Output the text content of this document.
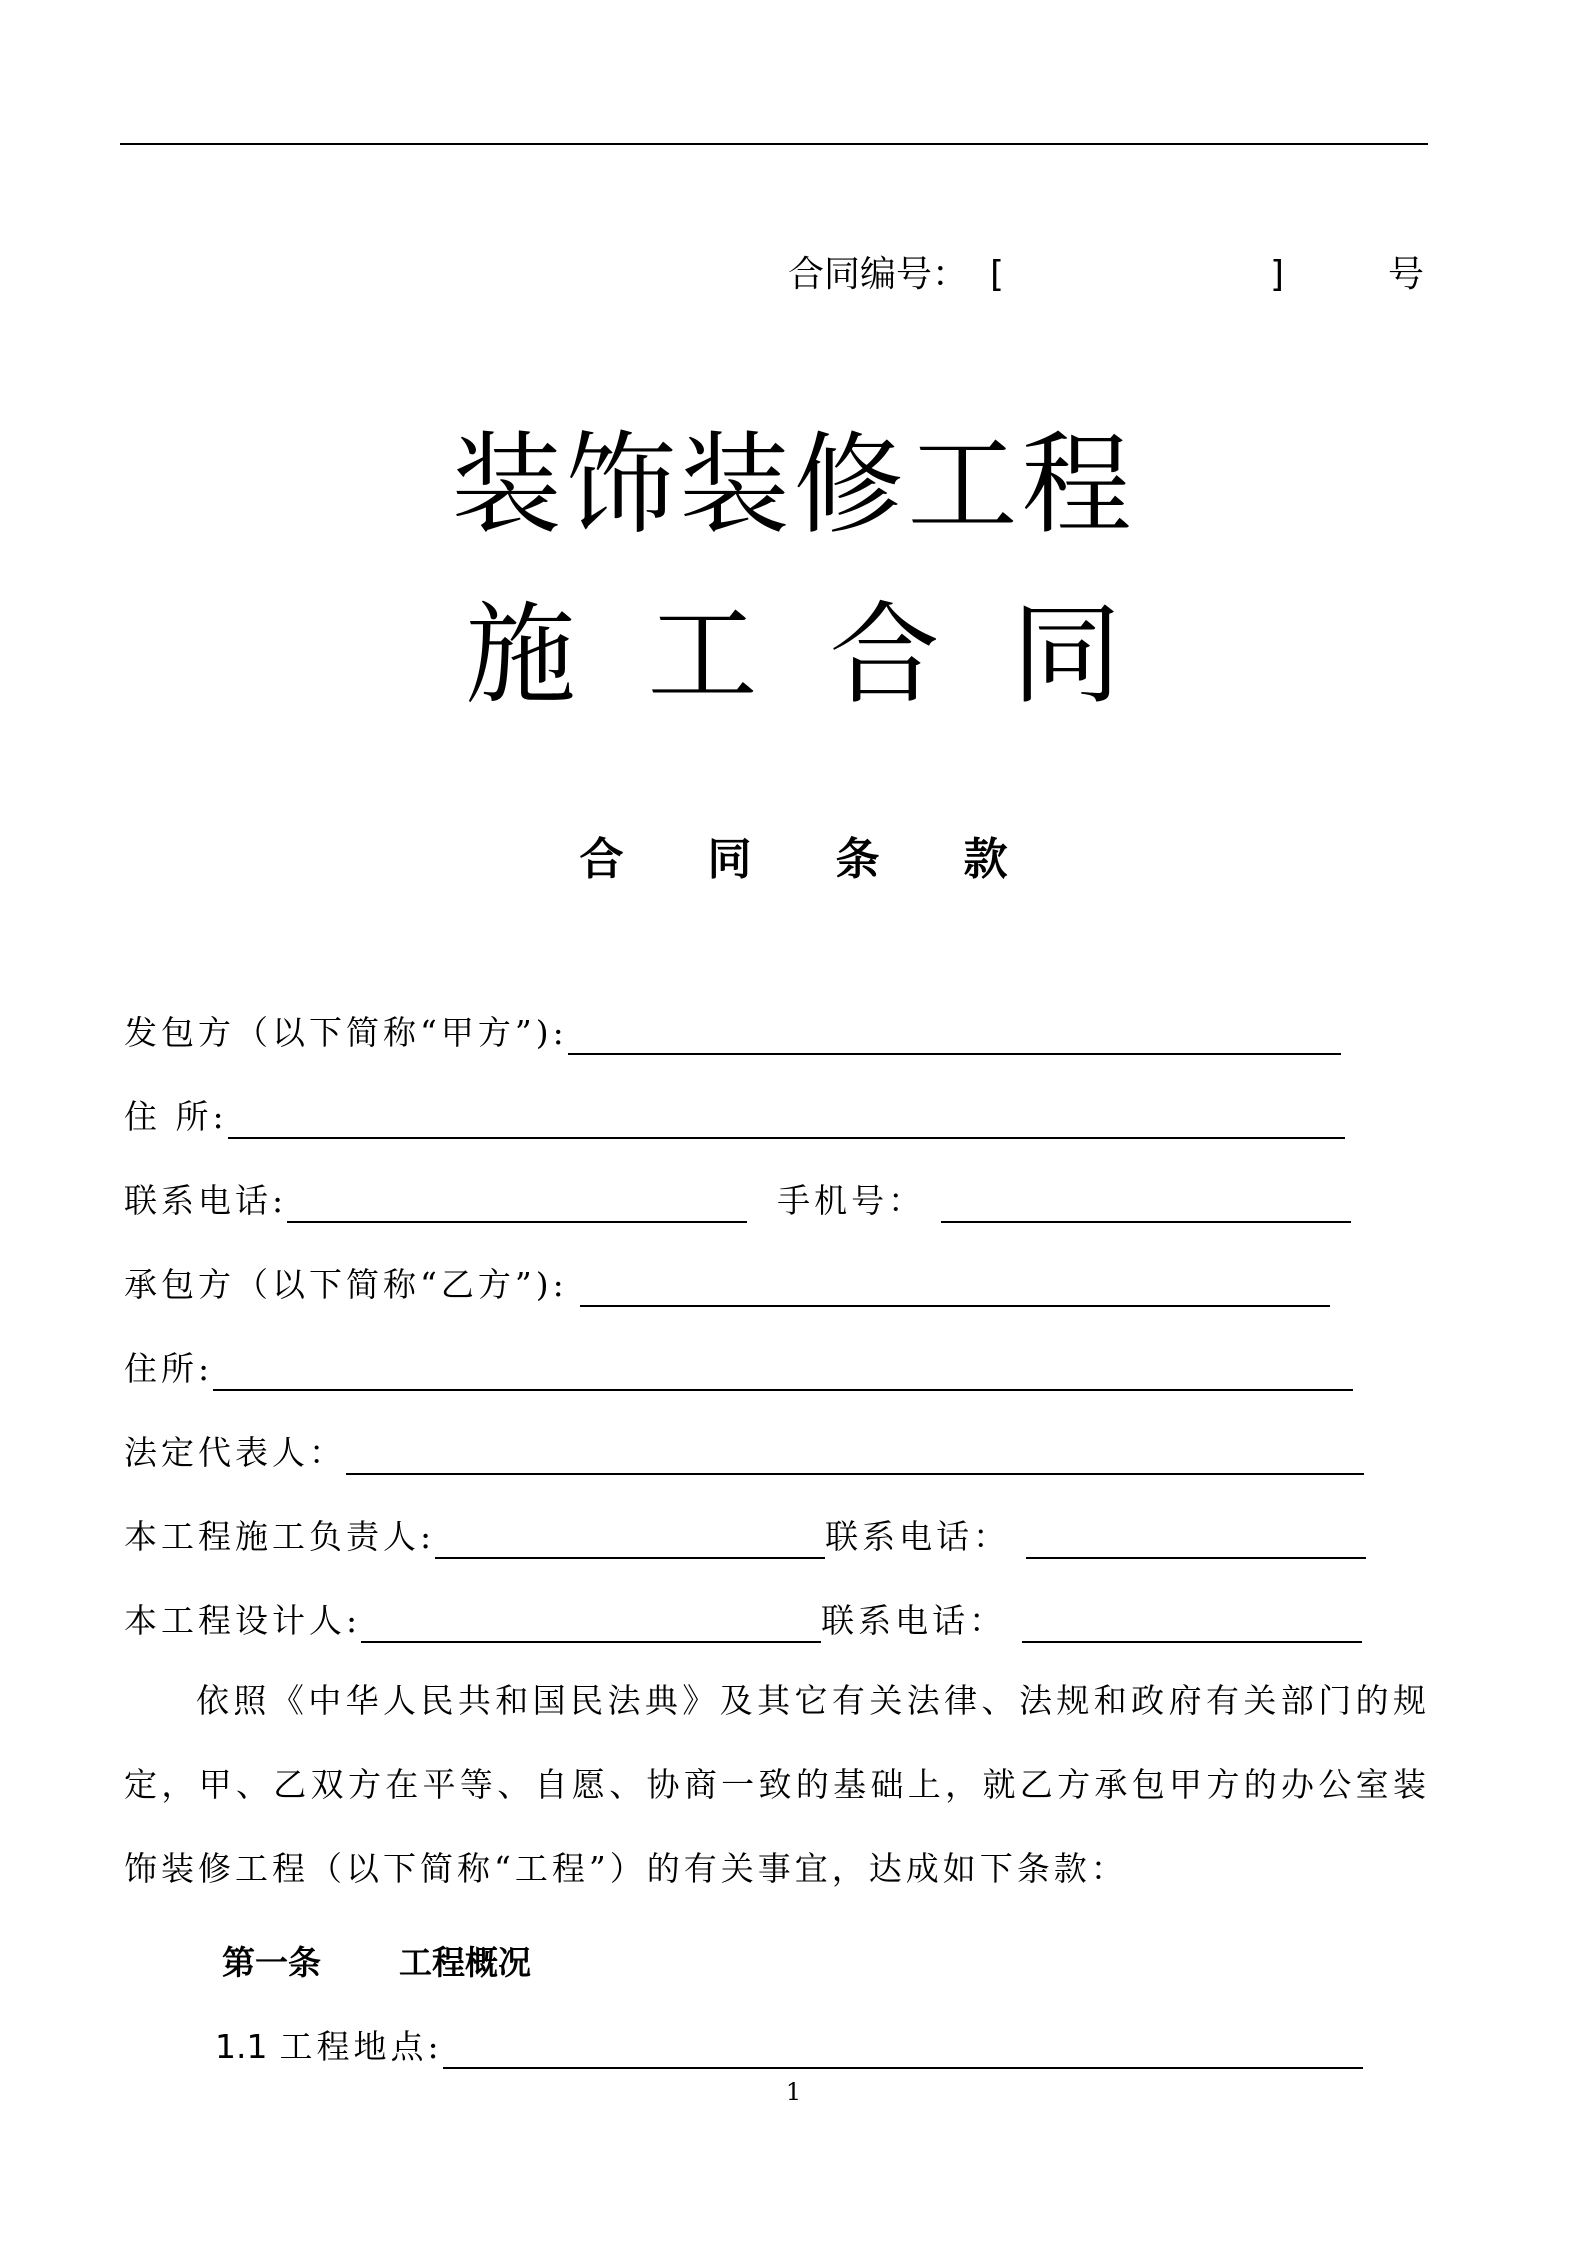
合同编号： [	]	号
装饰装修工程
施工合同
合同条款
发包方（以下简称“甲方”):
住 所:
联系电话:	手机号：
承包方（以下简称“乙方”):
住所:
法定代表人：
本工程施工负责人:	联系电话：
本工程设计人:	联系电话：

依照《中华人民共和国民法典》及其它有关法律、法规和政府有关部门的规定，甲、乙双方在平等、自愿、协商一致的基础上，就乙方承包甲方的办公室装饰装修工程（以下简称“工程”）的有关事宜，达成如下条款：

第一条 工程概况
1.1 工程地点:
1
